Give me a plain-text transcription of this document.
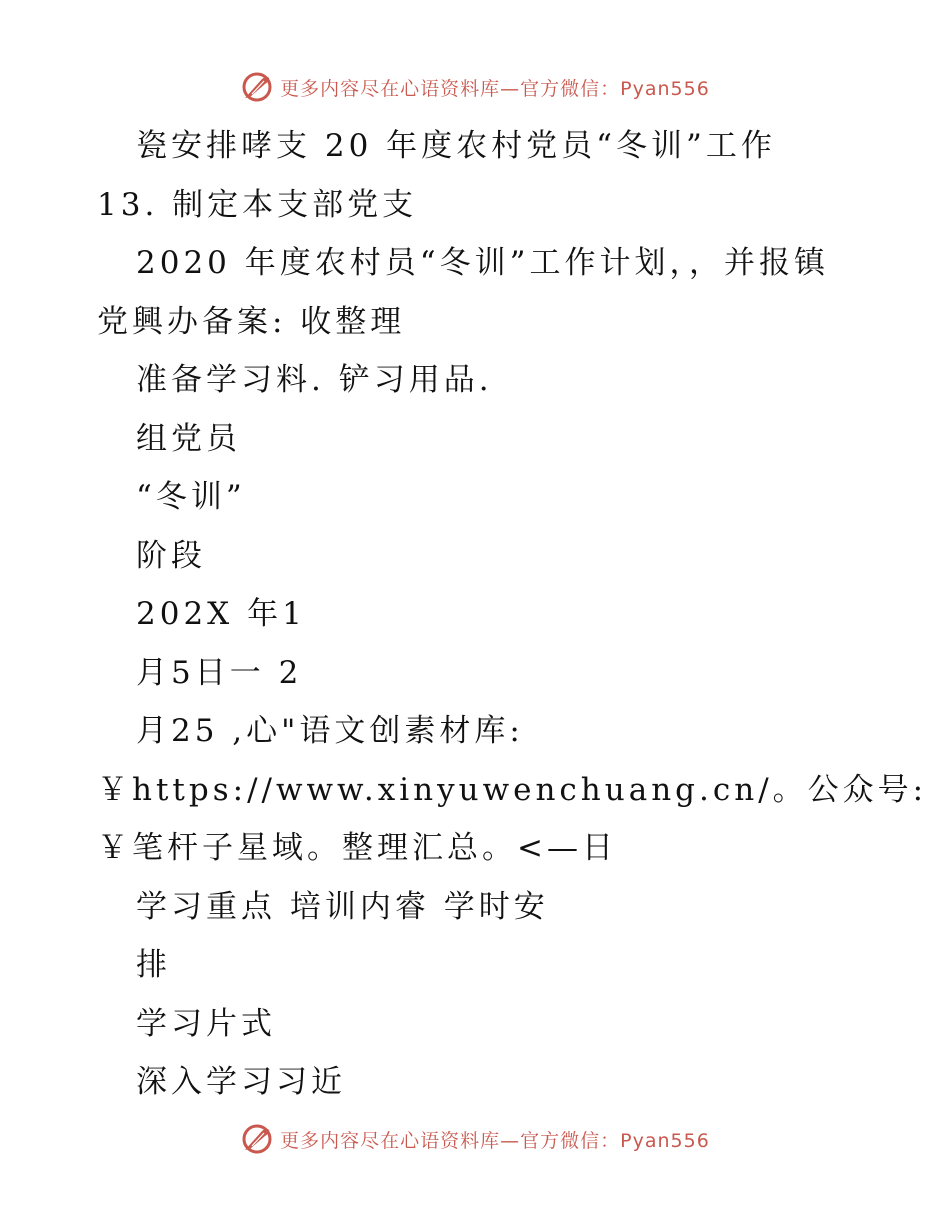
更多内容尽在心语资料库—官方微信：Pyan556
瓷安排哮支 20 年度农村党员“冬训”工作
13. 制定本支部党支
2020 年度农村员“冬训”工作计划，，并报镇
党興办备案: 收整理
准备学习料. 铲习用品.
组党员
“冬训”
阶段
202X 年1
月5日一 2
月25 ,心"语文创素材库:
￥https://www.xinyuwenchuang.cn/。公众号:
￥笔杆子星域。整理汇总。<—日
学习重点 培训内睿 学时安
排
学习片式
深入学习习近
更多内容尽在心语资料库—官方微信：Pyan556
